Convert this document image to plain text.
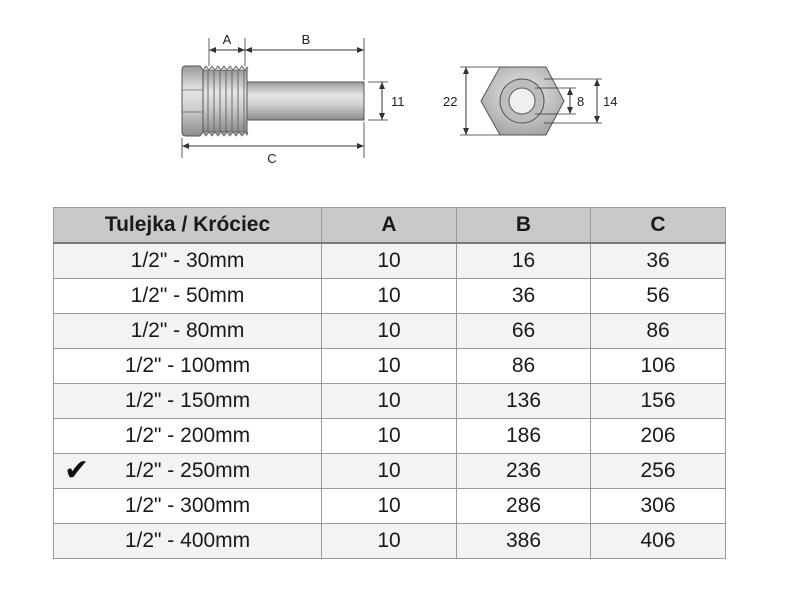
A	B
C
11	22	8 14
Tulejka / Króciec	A	B	C
1/2" - 30mm	10	16	36
1/2" - 50mm	10	36	56
1/2" - 80mm	10	66	86
1/2" - 100mm	10	86	106
1/2" - 150mm	10	136	156
1/2" - 200mm	10	186	206

✔ 1/2" - 250mm	10	236	256
1/2" - 300mm	10	286	306
1/2" - 400mm	10	386	406
